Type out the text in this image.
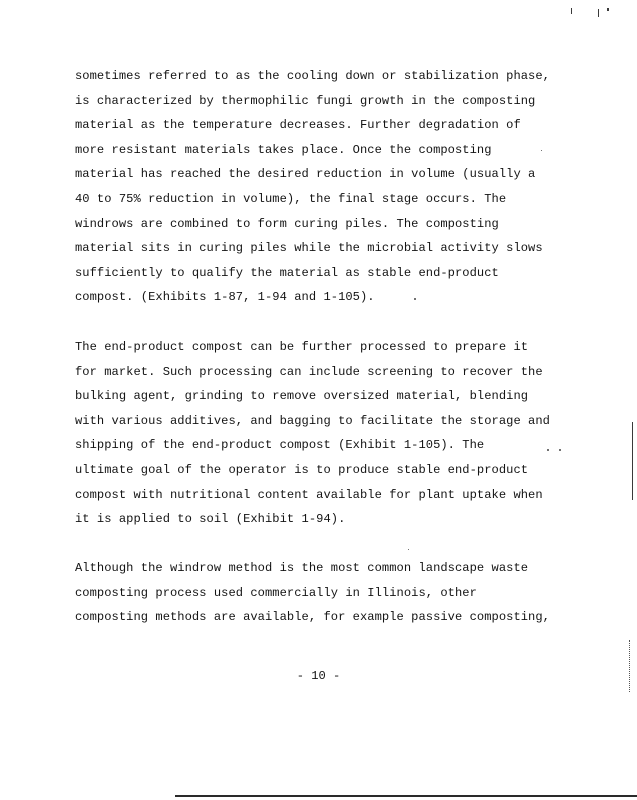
sometimes referred to as the cooling down or stabilization phase,
is characterized by thermophilic fungi growth in the composting
material as the temperature decreases. Further degradation of
more resistant materials takes place. Once the composting
material has reached the desired reduction in volume (usually a
40 to 75% reduction in volume), the final stage occurs. The
windrows are combined to form curing piles. The composting
material sits in curing piles while the microbial activity slows
sufficiently to qualify the material as stable end-product
compost. (Exhibits 1-87, 1-94 and 1-105).
The end-product compost can be further processed to prepare it
for market. Such processing can include screening to recover the
bulking agent, grinding to remove oversized material, blending
with various additives, and bagging to facilitate the storage and
shipping of the end-product compost (Exhibit 1-105). The
ultimate goal of the operator is to produce stable end-product
compost with nutritional content available for plant uptake when
it is applied to soil (Exhibit 1-94).
Although the windrow method is the most common landscape waste
composting process used commercially in Illinois, other
composting methods are available, for example passive composting,
- 10 -
